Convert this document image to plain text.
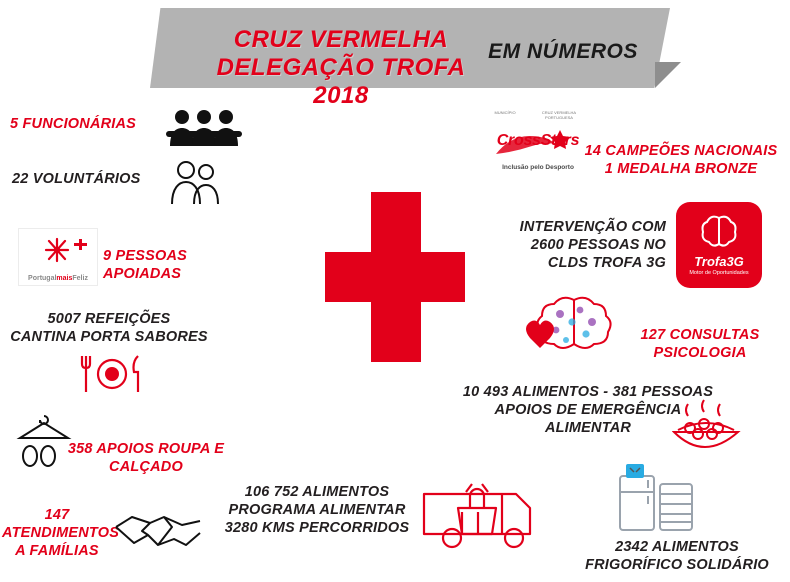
CRUZ VERMELHA
DELEGAÇÃO TROFA 2018
EM NÚMEROS
5 FUNCIONÁRIAS
22 VOLUNTÁRIOS
PortugalmaisFeliz
9 PESSOAS APOIADAS
5007 REFEIÇÕES
CANTINA PORTA SABORES
358 APOIOS ROUPA E
CALÇADO
147
ATENDIMENTOS
A FAMÍLIAS
106 752 ALIMENTOS
PROGRAMA ALIMENTAR
3280 KMS PERCORRIDOS
MUNICÍPIO	CRUZ VERMELHA PORTUGUESA
CrossStars
Inclusão pelo Desporto
14 CAMPEÕES NACIONAIS
1 MEDALHA BRONZE
INTERVENÇÃO COM
2600 PESSOAS NO
CLDS TROFA 3G	Trofa3G
Motor de Oportunidades
127 CONSULTAS
PSICOLOGIA
10 493 ALIMENTOS - 381 PESSOAS
APOIOS DE EMERGÊNCIA
ALIMENTAR
2342 ALIMENTOS
FRIGORÍFICO SOLIDÁRIO
